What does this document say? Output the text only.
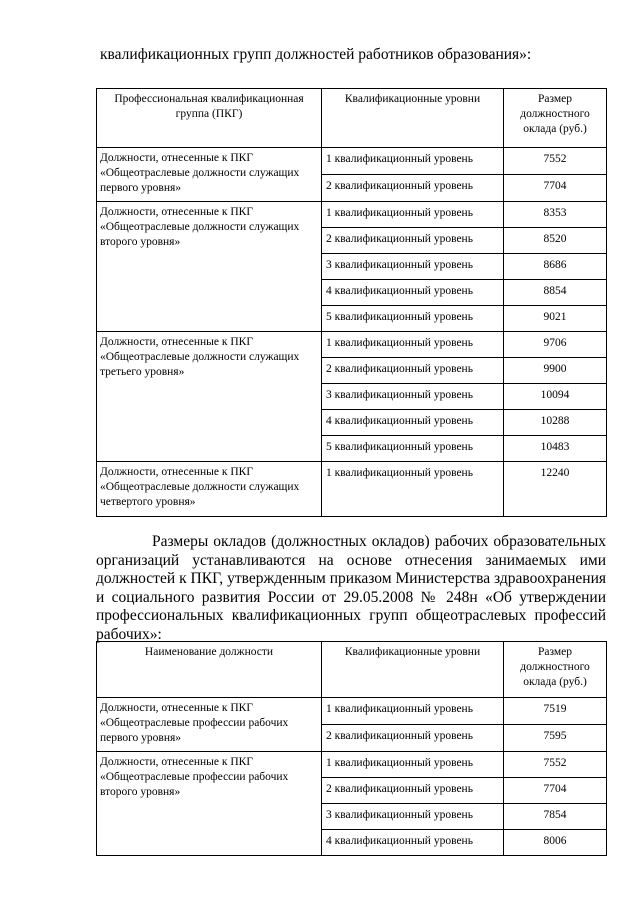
квалификационных групп должностей работников образования»:
Профессиональная квалификационная группа (ПКГ)	Квалификационные уровни	Размер должностного оклада (руб.)
Должности, отнесенные к ПКГ «Общеотраслевые должности служащих первого уровня»	1 квалификационный уровень	7552
	2 квалификационный уровень	7704
Должности, отнесенные к ПКГ «Общеотраслевые должности служащих второго уровня»	1 квалификационный уровень	8353
	2 квалификационный уровень	8520
	3 квалификационный уровень	8686
	4 квалификационный уровень	8854
	5 квалификационный уровень	9021
Должности, отнесенные к ПКГ «Общеотраслевые должности служащих третьего уровня»	1 квалификационный уровень	9706
	2 квалификационный уровень	9900
	3 квалификационный уровень	10094
	4 квалификационный уровень	10288
	5 квалификационный уровень	10483
Должности, отнесенные к ПКГ «Общеотраслевые должности служащих четвертого уровня»	1 квалификационный уровень	12240

Размеры окладов (должностных окладов) рабочих образовательных организаций устанавливаются на основе отнесения занимаемых ими должностей к ПКГ, утвержденным приказом Министерства здравоохранения и социального развития России от 29.05.2008 № 248н «Об утверждении профессиональных квалификационных групп общеотраслевых профессий рабочих»:

Наименование должности	Квалификационные уровни	Размер должностного оклада (руб.)
Должности, отнесенные к ПКГ «Общеотраслевые профессии рабочих первого уровня»	1 квалификационный уровень	7519
	2 квалификационный уровень	7595
Должности, отнесенные к ПКГ «Общеотраслевые профессии рабочих второго уровня»	1 квалификационный уровень	7552
	2 квалификационный уровень	7704
	3 квалификационный уровень	7854
	4 квалификационный уровень	8006
